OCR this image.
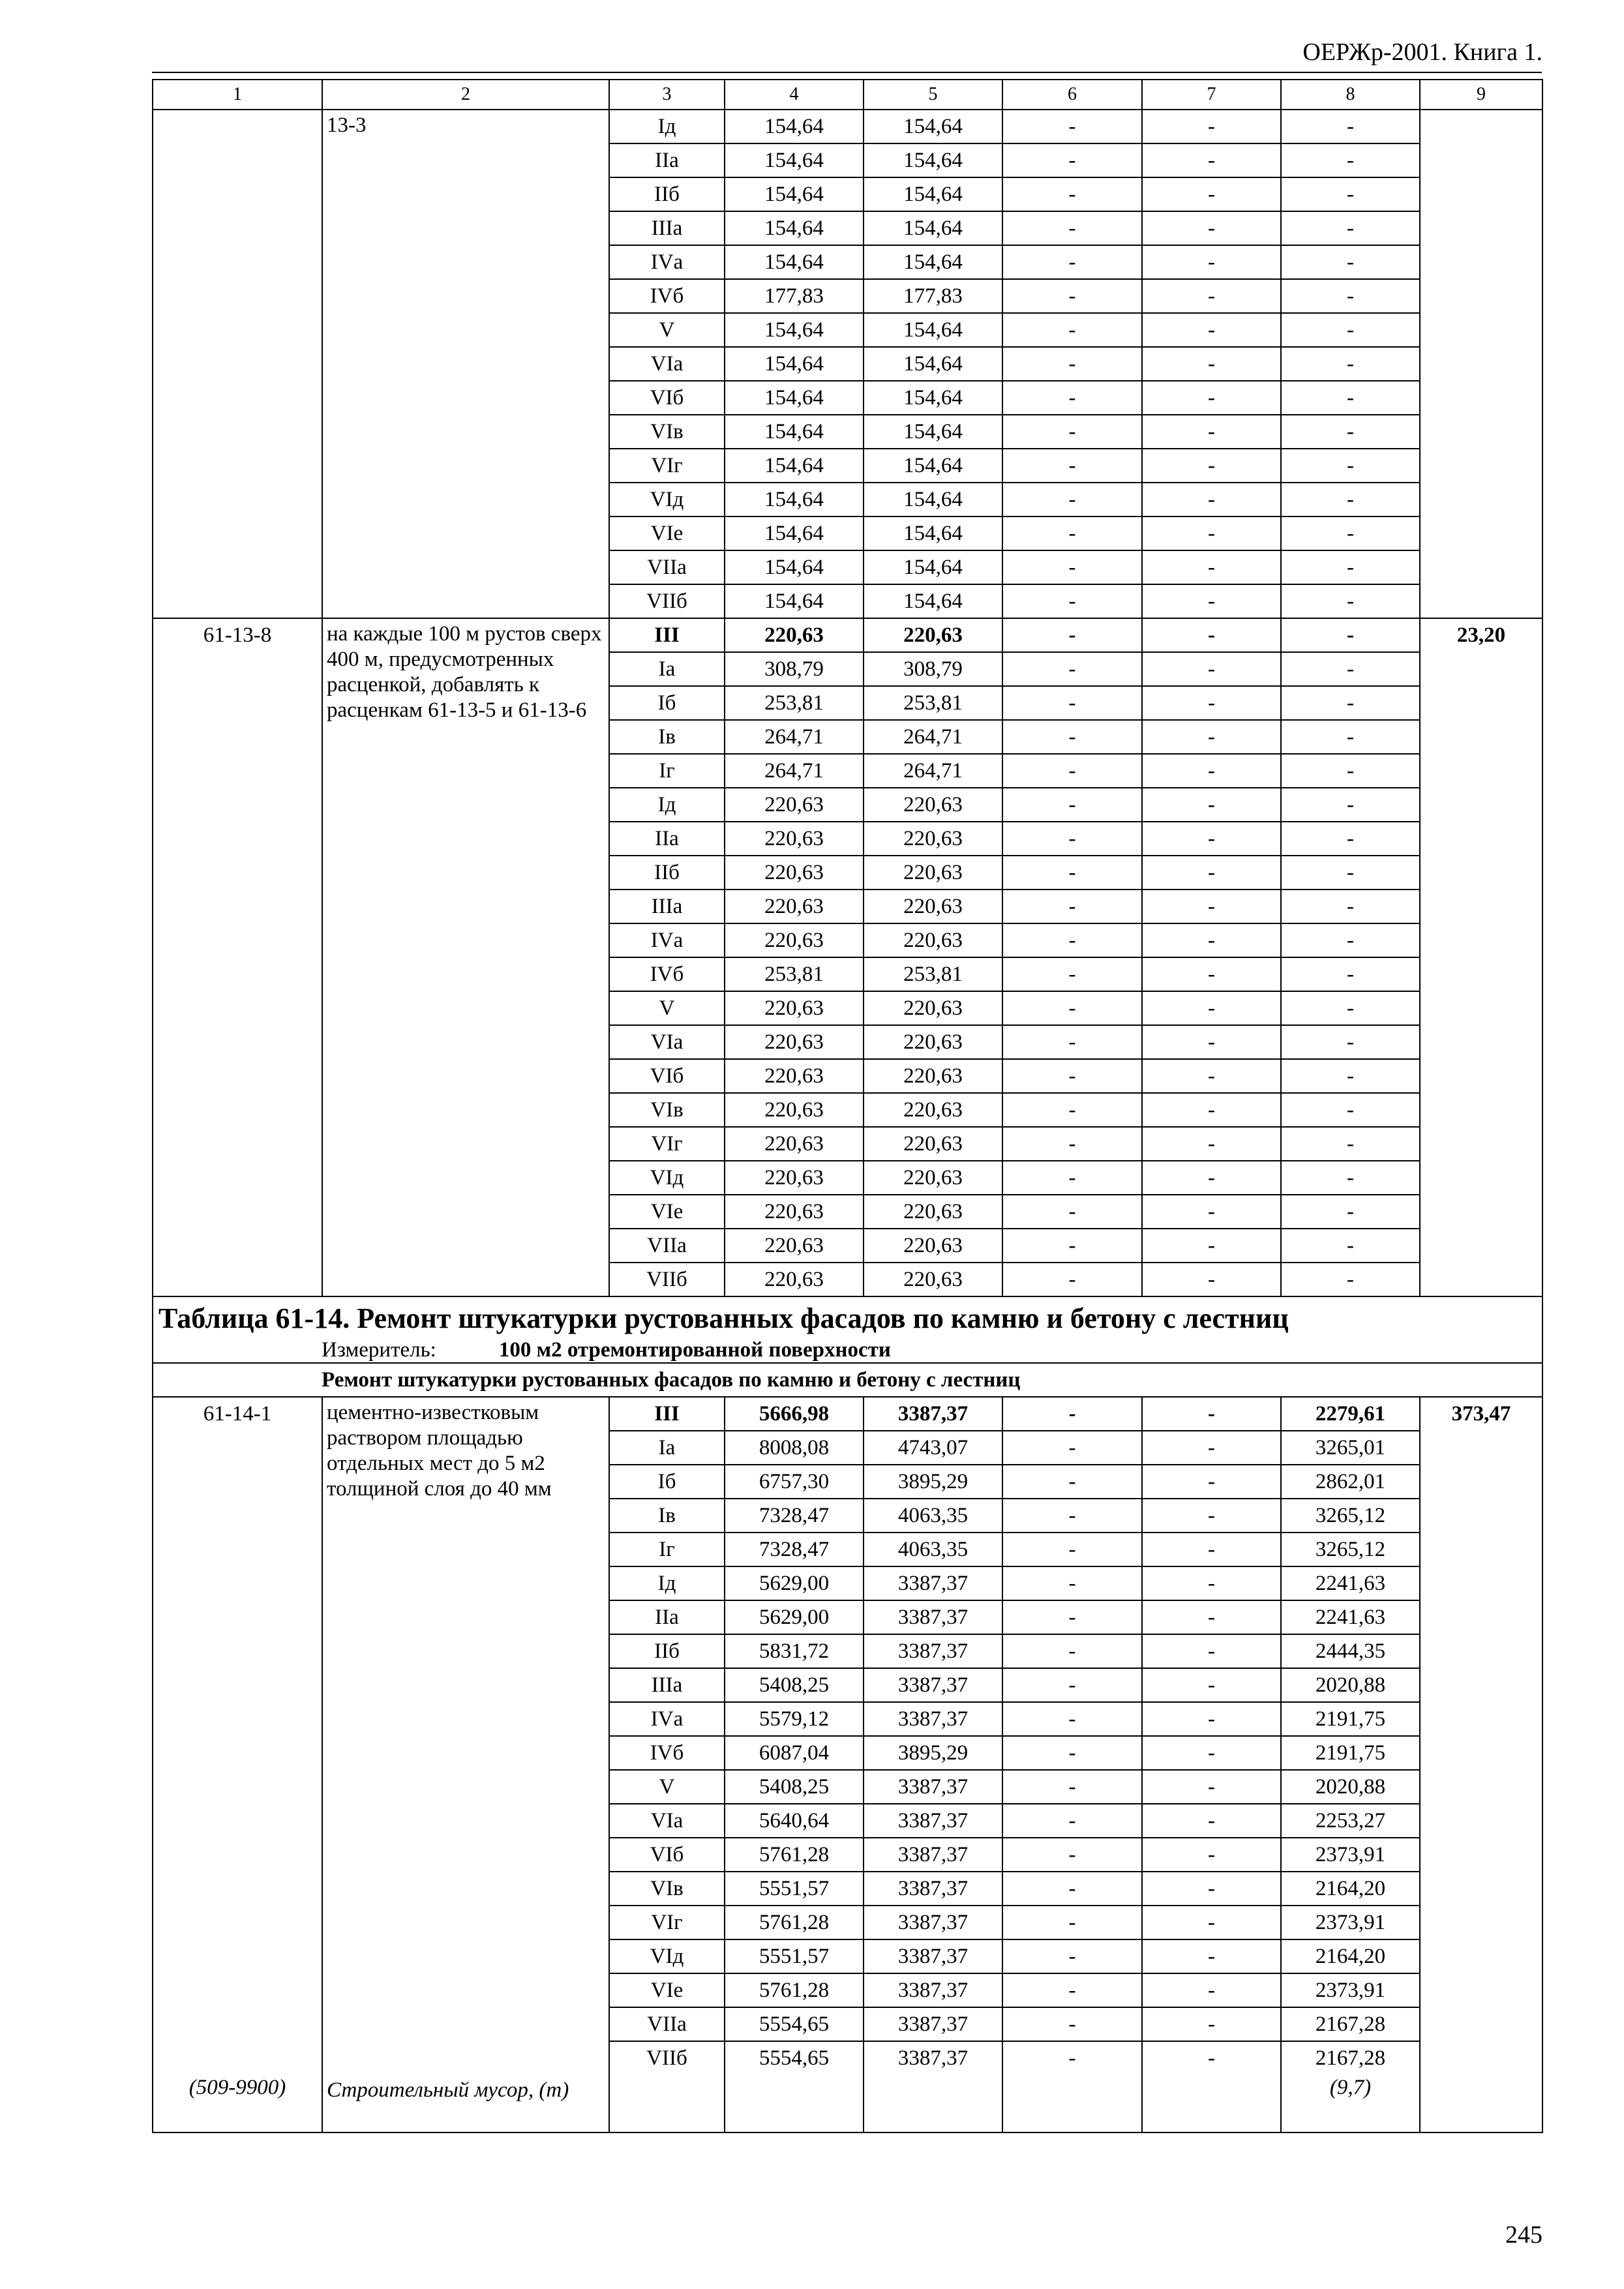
ОЕРЖр-2001. Книга 1.
1	2	3	4	5	6	7	8	9
	13-3	Iд	154,64	154,64	-	-	-	
		IIа	154,64	154,64	-	-	-	
		IIб	154,64	154,64	-	-	-	
		IIIа	154,64	154,64	-	-	-	
		IVа	154,64	154,64	-	-	-	
		IVб	177,83	177,83	-	-	-	
		V	154,64	154,64	-	-	-	
		VIа	154,64	154,64	-	-	-	
		VIб	154,64	154,64	-	-	-	
		VIв	154,64	154,64	-	-	-	
		VIг	154,64	154,64	-	-	-	
		VIд	154,64	154,64	-	-	-	
		VIе	154,64	154,64	-	-	-	
		VIIа	154,64	154,64	-	-	-	
		VIIб	154,64	154,64	-	-	-	
61-13-8	на каждые 100 м рустов сверх 400 м, предусмотренных расценкой, добавлять к расценкам 61-13-5 и 61-13-6	III	220,63	220,63	-	-	-	23,20
		Iа	308,79	308,79	-	-	-	
		Iб	253,81	253,81	-	-	-	
		Iв	264,71	264,71	-	-	-	
		Iг	264,71	264,71	-	-	-	
		Iд	220,63	220,63	-	-	-	
		IIа	220,63	220,63	-	-	-	
		IIб	220,63	220,63	-	-	-	
		IIIа	220,63	220,63	-	-	-	
		IVа	220,63	220,63	-	-	-	
		IVб	253,81	253,81	-	-	-	
		V	220,63	220,63	-	-	-	
		VIа	220,63	220,63	-	-	-	
		VIб	220,63	220,63	-	-	-	
		VIв	220,63	220,63	-	-	-	
		VIг	220,63	220,63	-	-	-	
		VIд	220,63	220,63	-	-	-	
		VIе	220,63	220,63	-	-	-	
		VIIа	220,63	220,63	-	-	-	
		VIIб	220,63	220,63	-	-	-	
Таблица 61-14. Ремонт штукатурки рустованных фасадов по камню и бетону с лестниц								
Измеритель: 100 м2 отремонтированной поверхности								
Ремонт штукатурки рустованных фасадов по камню и бетону с лестниц								
61-14-1	цементно-известковым раствором площадью отдельных мест до 5 м2 толщиной слоя до 40 мм	III	5666,98	3387,37	-	-	2279,61	373,47
		Iа	8008,08	4743,07	-	-	3265,01	
		Iб	6757,30	3895,29	-	-	2862,01	
		Iв	7328,47	4063,35	-	-	3265,12	
		Iг	7328,47	4063,35	-	-	3265,12	
		Iд	5629,00	3387,37	-	-	2241,63	
		IIа	5629,00	3387,37	-	-	2241,63	
		IIб	5831,72	3387,37	-	-	2444,35	
		IIIа	5408,25	3387,37	-	-	2020,88	
		IVа	5579,12	3387,37	-	-	2191,75	
		IVб	6087,04	3895,29	-	-	2191,75	
		V	5408,25	3387,37	-	-	2020,88	
		VIа	5640,64	3387,37	-	-	2253,27	
		VIб	5761,28	3387,37	-	-	2373,91	
		VIв	5551,57	3387,37	-	-	2164,20	
		VIг	5761,28	3387,37	-	-	2373,91	
		VIд	5551,57	3387,37	-	-	2164,20	
		VIе	5761,28	3387,37	-	-	2373,91	
		VIIа	5554,65	3387,37	-	-	2167,28	
		VIIб	5554,65	3387,37	-	-	2167,28	
(509-9900)	Строительный мусор, (т)						(9,7)	
245
